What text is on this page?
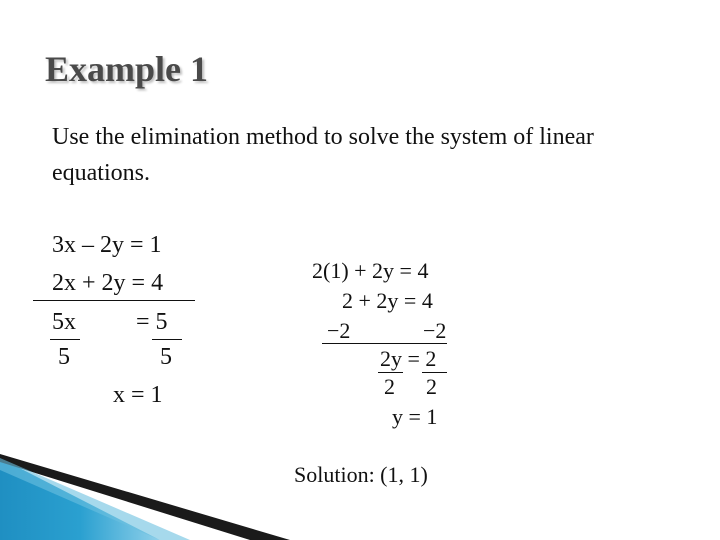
Example 1
Use the elimination method to solve the system of linear
equations.
3x – 2y = 1
2x + 2y = 4
5x	= 5
5	5
x = 1
2(1) + 2y = 4
2 + 2y = 4
−2	−2
2y = 2
2 2
y = 1
Solution: (1, 1)
